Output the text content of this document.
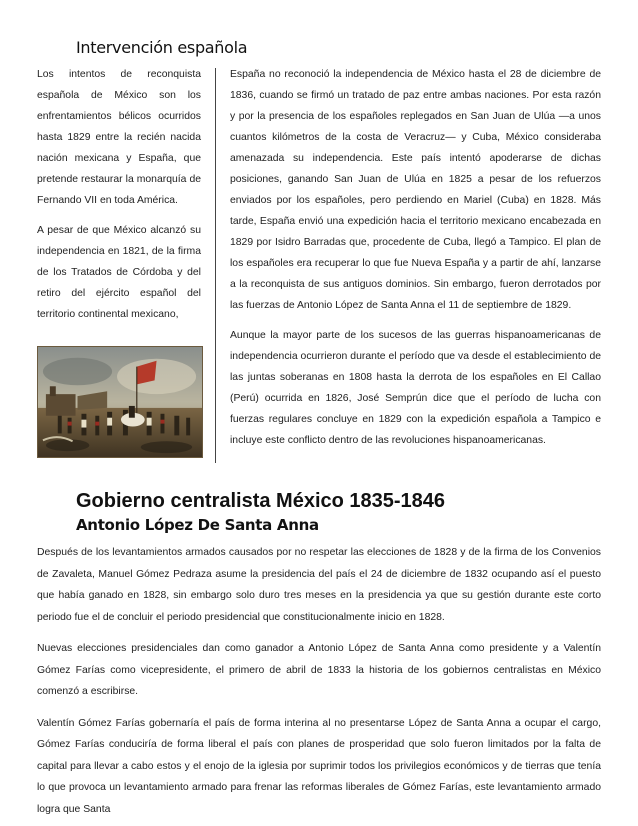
Intervención española

Los intentos de reconquista española de México son los enfrentamientos bélicos ocurridos hasta 1829 entre la recién nacida nación mexicana y España, que pretende restaurar la monarquía de Fernando VII en toda América.

A pesar de que México alcanzó su independencia en 1821, de la firma de los Tratados de Córdoba y del retiro del ejército español del territorio continental mexicano,

España no reconoció la independencia de México hasta el 28 de diciembre de 1836, cuando se firmó un tratado de paz entre ambas naciones. Por esta razón y por la presencia de los españoles replegados en San Juan de Ulúa —a unos cuantos kilómetros de la costa de Veracruz— y Cuba, México consideraba amenazada su independencia. Este país intentó apoderarse de dichas posiciones, ganando San Juan de Ulúa en 1825 a pesar de los refuerzos enviados por los españoles, pero perdiendo en Mariel (Cuba) en 1828. Más tarde, España envió una expedición hacia el territorio mexicano encabezada en 1829 por Isidro Barradas que, procedente de Cuba, llegó a Tampico. El plan de los españoles era recuperar lo que fue Nueva España y a partir de ahí, lanzarse a la reconquista de sus antiguos dominios. Sin embargo, fueron derrotados por las fuerzas de Antonio López de Santa Anna el 11 de septiembre de 1829.

Aunque la mayor parte de los sucesos de las guerras hispanoamericanas de independencia ocurrieron durante el período que va desde el establecimiento de las juntas soberanas en 1808 hasta la derrota de los españoles en El Callao (Perú) ocurrida en 1826, José Semprún dice que el período de lucha con fuerzas regulares concluye en 1829 con la expedición española a Tampico e incluye este conflicto dentro de las revoluciones hispanoamericanas.

Gobierno centralista México 1835-1846
Antonio López De Santa Anna

Después de los levantamientos armados causados por no respetar las elecciones de 1828 y de la firma de los Convenios de Zavaleta, Manuel Gómez Pedraza asume la presidencia del país el 24 de diciembre de 1832 ocupando así el puesto que había ganado en 1828, sin embargo solo duro tres meses en la presidencia ya que su gestión durante este corto periodo fue el de concluir el periodo presidencial que constitucionalmente inicio en 1828.

Nuevas elecciones presidenciales dan como ganador a Antonio López de Santa Anna como presidente y a Valentín Gómez Farías como vicepresidente, el primero de abril de 1833 la historia de los gobiernos centralistas en México comenzó a escribirse.

Valentín Gómez Farías gobernaría el país de forma interina al no presentarse López de Santa Anna a ocupar el cargo, Gómez Farías conduciría de forma liberal el país con planes de prosperidad que solo fueron limitados por la falta de capital para llevar a cabo estos y el enojo de la iglesia por suprimir todos los privilegios económicos y de tierras que tenía lo que provoca un levantamiento armado para frenar las reformas liberales de Gómez Farías, este levantamiento armado logra que Santa
